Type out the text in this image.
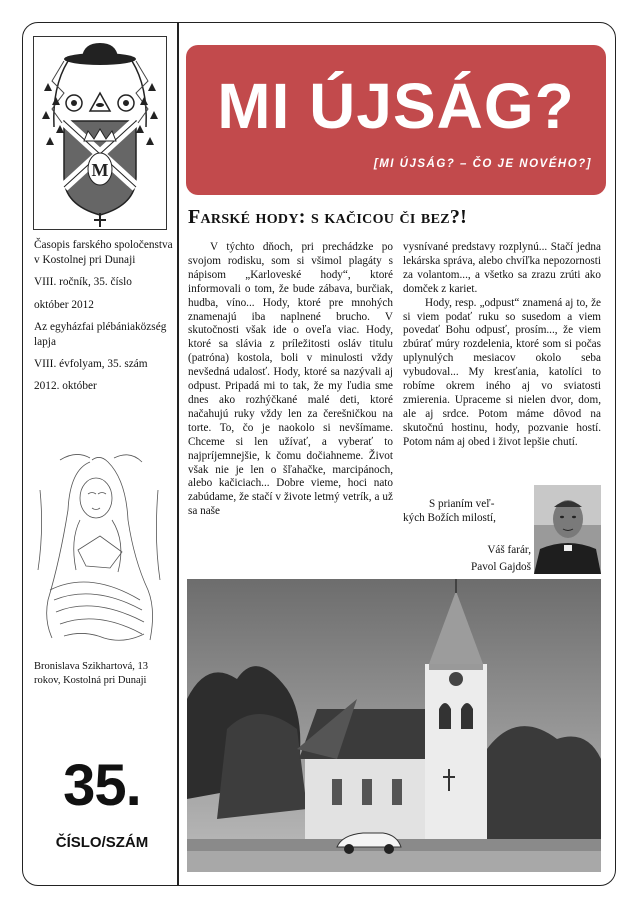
M

Časopis farského spoločenstva v Kostolnej pri Dunaji

VIII. ročník, 35. číslo

október 2012

Az egyházfai plébániaközség lapja

VIII. évfolyam, 35. szám

2012. október

Bronislava Szikhartová, 13 rokov, Kostolná pri Dunaji
35.
ČÍSLO/SZÁM
MI ÚJSÁG?
[MI ÚJSÁG? – ČO JE NOVÉHO?]
Farské hody: s kačicou či bez?!

V týchto dňoch, pri prechádzke po svojom rodisku, som si všimol plagáty s nápisom „Karloveské hody“, ktoré informovali o tom, že bude zábava, burčiak, hudba, víno... Hody, ktoré pre mnohých znamenajú iba naplnené brucho. V skutočnosti však ide o oveľa viac. Hody, ktoré sa slávia z príležitosti osláv titulu (patróna) kostola, boli v minulosti vždy nevšedná udalosť. Hody, ktoré sa nazývali aj odpust. Pripadá mi to tak, že my ľudia sme dnes ako rozhýčkané malé deti, ktoré načahujú ruky vždy len za čerešničkou na torte. To, čo je naokolo si nevšímame. Chceme si len užívať, a vyberať to najpríjemnejšie, k čomu dočiahneme. Život však nie je len o šľahačke, marcipánoch, alebo kačiciach... Dobre vieme, hoci nato zabúdame, že stačí v živote letmý vetrík, a už sa naše

vysnívané predstavy rozplynú... Stačí jedna lekárska správa, alebo chvíľka nepozornosti za volantom..., a všetko sa zrazu zrúti ako domček z kariet.

Hody, resp. „odpust“ znamená aj to, že si viem podať ruku so susedom a viem povedať Bohu odpusť, prosím..., že viem zbúrať múry rozdelenia, ktoré som si počas uplynulých mesiacov okolo seba vybudoval... My kresťania, katolíci to robíme okrem iného aj vo sviatosti zmierenia. Upraceme si nielen dvor, dom, ale aj srdce. Potom máme dôvod na skutočnú hostinu, hody, pozvanie hostí. Potom nám aj obed i život lepšie chutí.

S prianím veľ-

kých Božích milostí,

Váš farár,
Pavol Gajdoš
